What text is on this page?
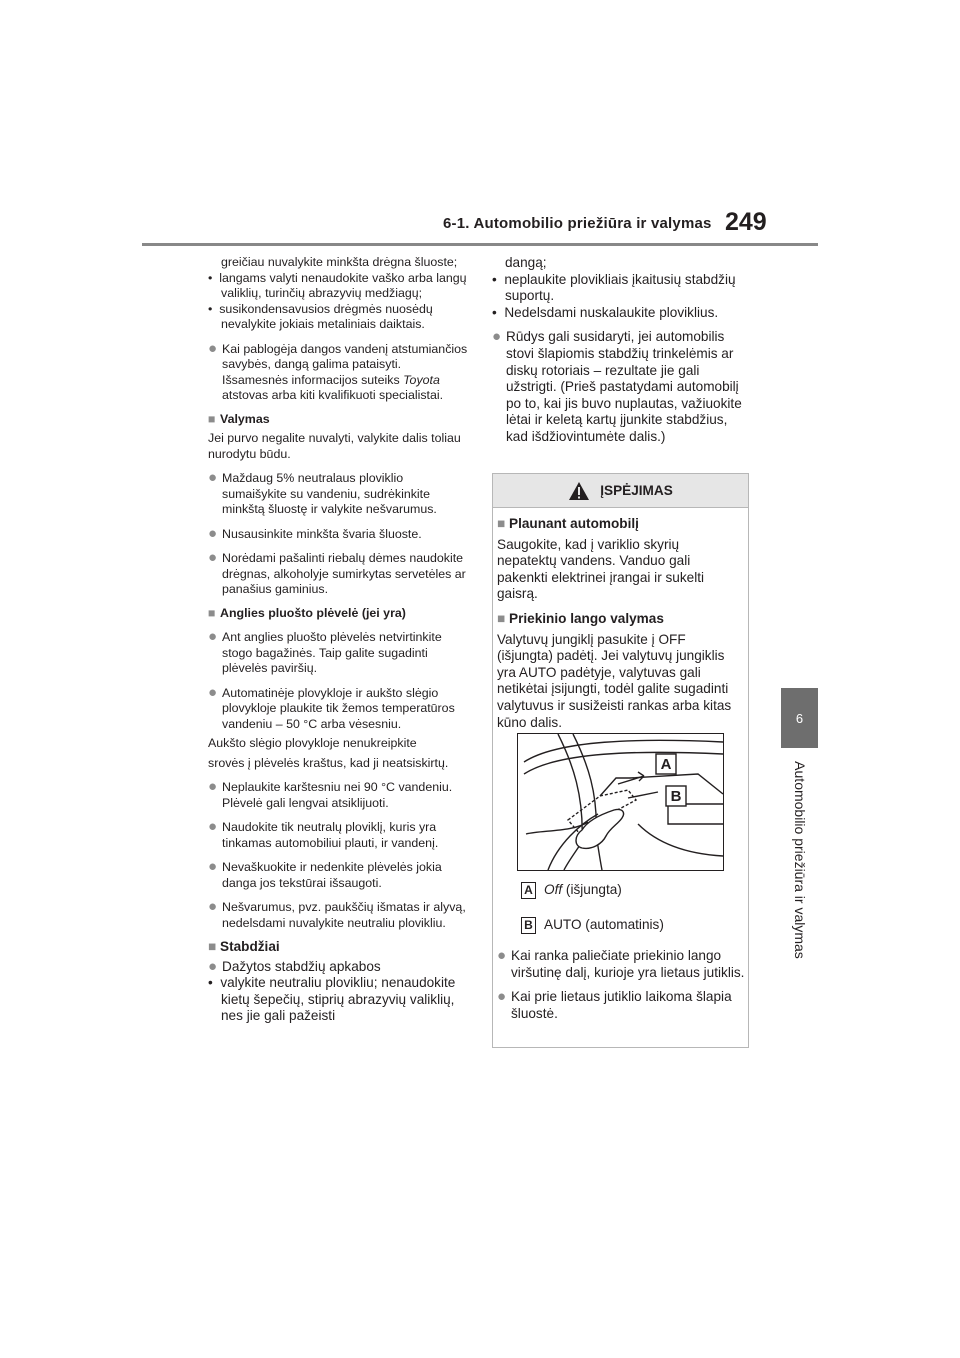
6-1. Automobilio priežiūra ir valymas 249
6
Automobilio priežiūra ir valymas

greičiau nuvalykite minkšta drėgna šluoste;

•  langams valyti nenaudokite vaško arba langų valiklių, turinčių abrazyvių medžiagų;

•  susikondensavusios drėgmės nuosėdų nevalykite jokiais metaliniais daiktais.

● Kai pablogėja dangos vandenį atstumiančios savybės, dangą galima pataisyti. Išsamesnės informacijos suteiks Toyota atstovas arba kiti kvalifikuoti specialistai.

■ Valymas

Jei purvo negalite nuvalyti, valykite dalis toliau nurodytu būdu.

● Maždaug 5% neutralaus ploviklio sumaišykite su vandeniu, sudrėkinkite minkštą šluostę ir valykite nešvarumus.

● Nusausinkite minkšta švaria šluoste.

● Norėdami pašalinti riebalų dėmes naudokite drėgnas, alkoholyje sumirkytas servetėles ar panašius gaminius.

■ Anglies pluošto plėvelė (jei yra)

● Ant anglies pluošto plėvelės netvirtinkite stogo bagažinės. Taip galite sugadinti plėvelės paviršių.

● Automatinėje plovykloje ir aukšto slėgio plovykloje plaukite tik žemos temperatūros vandeniu – 50 °C arba vėsesniu.

Aukšto slėgio plovykloje nenukreipkite

srovės į plėvelės kraštus, kad ji neatsiskirtų.

● Neplaukite karštesniu nei 90 °C vandeniu. Plėvelė gali lengvai atsiklijuoti.

● Naudokite tik neutralų ploviklį, kuris yra tinkamas automobiliui plauti, ir vandenį.

● Nevaškuokite ir nedenkite plėvelės jokia danga jos tekstūrai išsaugoti.

● Nešvarumus, pvz. paukščių išmatas ir alyvą, nedelsdami nuvalykite neutraliu plovikliu.

■ Stabdžiai

● Dažytos stabdžių apkabos

•  valykite neutraliu plovikliu; nenaudokite kietų šepečių, stiprių abrazyvių valiklių, nes jie gali pažeisti

dangą;

•  neplaukite plovikliais įkaitusių stabdžių suportų.

•  Nedelsdami nuskalaukite ploviklius.

● Rūdys gali susidaryti, jei automobilis stovi šlapiomis stabdžių trinkelėmis ar diskų rotoriais – rezultate jie gali užstrigti. (Prieš pastatydami automobilį po to, kai jis buvo nuplautas, važiuokite lėtai ir keletą kartų įjunkite stabdžius, kad išdžiovintumėte dalis.)

ĮSPĖJIMAS

■ Plaunant automobilį

Saugokite, kad į variklio skyrių nepatektų vandens. Vanduo gali pakenkti elektrinei įrangai ir sukelti gaisrą.

■ Priekinio lango valymas

Valytuvų jungiklį pasukite į OFF (išjungta) padėtį. Jei valytuvų jungiklis yra AUTO padėtyje, valytuvas gali netikėtai įsijungti, todėl galite sugadinti valytuvus ir susižeisti rankas arba kitas kūno dalis.

A
B
A Off (išjungta)
B AUTO (automatinis)

● Kai ranka paliečiate priekinio lango viršutinę dalį, kurioje yra lietaus jutiklis.

● Kai prie lietaus jutiklio laikoma šlapia šluostė.
